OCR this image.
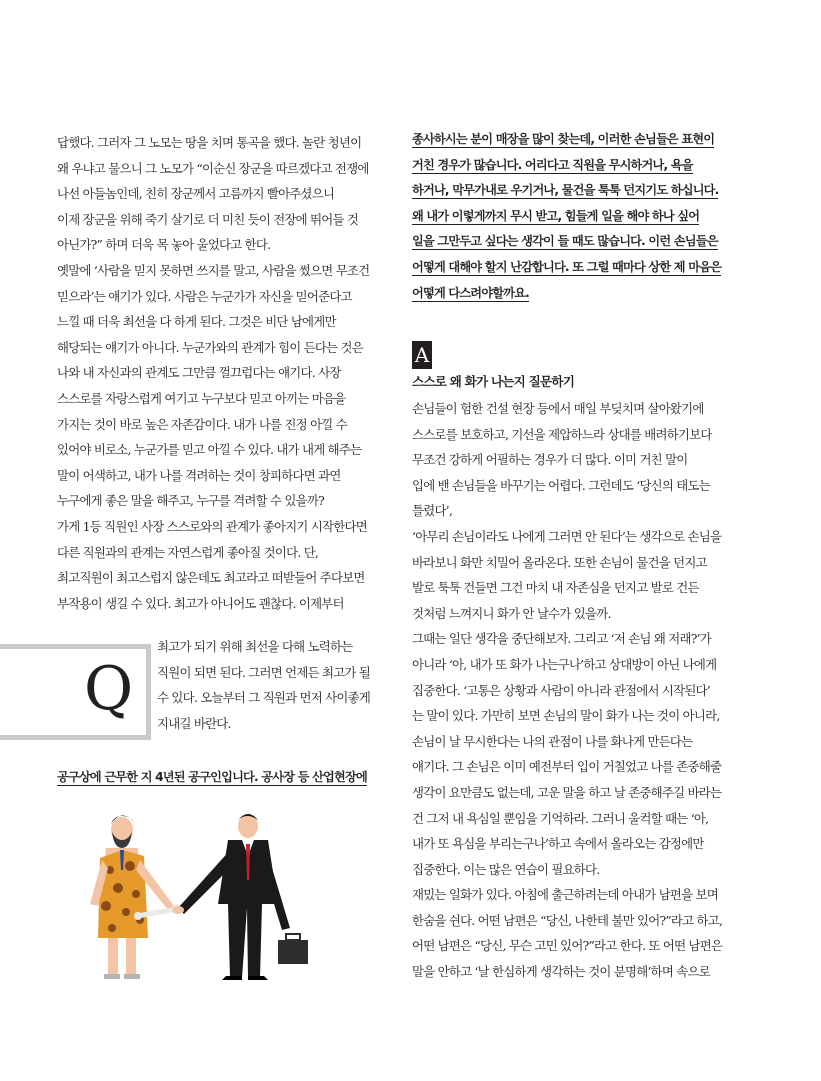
답했다. 그러자 그 노모는 땅을 치며 통곡을 했다. 놀란 청년이
왜 우냐고 물으니 그 노모가 “이순신 장군을 따르겠다고 전쟁에
나선 아들놈인데, 친히 장군께서 고름까지 빨아주셨으니
이제 장군을 위해 죽기 살기로 더 미친 듯이 전장에 뛰어들 것
아닌가?” 하며 더욱 목 놓아 울었다고 한다.
옛말에 ‘사람을 믿지 못하면 쓰지를 말고, 사람을 썼으면 무조건
믿으라’는 얘기가 있다. 사람은 누군가가 자신을 믿어준다고
느낄 때 더욱 최선을 다 하게 된다. 그것은 비단 남에게만
해당되는 얘기가 아니다. 누군가와의 관계가 힘이 든다는 것은
나와 내 자신과의 관계도 그만큼 껄끄럽다는 얘기다. 사장
스스로를 자랑스럽게 여기고 누구보다 믿고 아끼는 마음을
가지는 것이 바로 높은 자존감이다. 내가 나를 진정 아낄 수
있어야 비로소, 누군가를 믿고 아낄 수 있다. 내가 내게 해주는
말이 어색하고, 내가 나를 격려하는 것이 창피하다면 과연
누구에게 좋은 말을 해주고, 누구를 격려할 수 있을까?
가게 1등 직원인 사장 스스로와의 관계가 좋아지기 시작한다면
다른 직원과의 관계는 자연스럽게 좋아질 것이다. 단,
최고직원이 최고스럽지 않은데도 최고라고 떠받들어 주다보면
부작용이 생길 수 있다. 최고가 아니어도 괜찮다. 이제부터
Q
최고가 되기 위해 최선을 다해 노력하는
직원이 되면 된다. 그러면 언제든 최고가 될
수 있다. 오늘부터 그 직원과 먼저 사이좋게
지내길 바란다.
공구상에 근무한 지 4년된 공구인입니다. 공사장 등 산업현장에
종사하시는 분이 매장을 많이 찾는데, 이러한 손님들은 표현이
거친 경우가 많습니다. 어리다고 직원을 무시하거나, 욕을
하거나, 막무가내로 우기거나, 물건을 툭툭 던지기도 하십니다.
왜 내가 이렇게까지 무시 받고, 힘들게 일을 해야 하나 싶어
일을 그만두고 싶다는 생각이 들 때도 많습니다. 이런 손님들은
어떻게 대해야 할지 난감합니다. 또 그럴 때마다 상한 제 마음은
어떻게 다스려야할까요.
A
스스로 왜 화가 나는지 질문하기
손님들이 험한 건설 현장 등에서 매일 부딪치며 살아왔기에
스스로를 보호하고, 기선을 제압하느라 상대를 배려하기보다
무조건 강하게 어필하는 경우가 더 많다. 이미 거친 말이
입에 밴 손님들을 바꾸기는 어렵다. 그런데도 ‘당신의 태도는
틀렸다’,
‘아무리 손님이라도 나에게 그러면 안 된다’는 생각으로 손님을
바라보니 화만 치밀어 올라온다. 또한 손님이 물건을 던지고
발로 툭툭 건들면 그건 마치 내 자존심을 던지고 발로 건든
것처럼 느껴지니 화가 안 날수가 있을까.
그때는 일단 생각을 중단해보자. 그리고 ‘저 손님 왜 저래?’가
아니라 ‘아, 내가 또 화가 나는구나’하고 상대방이 아닌 나에게
집중한다. ‘고통은 상황과 사람이 아니라 관점에서 시작된다’
는 말이 있다. 가만히 보면 손님의 말이 화가 나는 것이 아니라,
손님이 날 무시한다는 나의 관점이 나를 화나게 만든다는
얘기다. 그 손님은 이미 예전부터 입이 거칠었고 나를 존중해줄
생각이 요만큼도 없는데, 고운 말을 하고 날 존중해주길 바라는
건 그저 내 욕심일 뿐임을 기억하라. 그러니 울컥할 때는 ‘아,
내가 또 욕심을 부리는구나’하고 속에서 올라오는 감정에만
집중한다. 이는 많은 연습이 필요하다.
재밌는 일화가 있다. 아침에 출근하려는데 아내가 남편을 보며
한숨을 쉰다. 어떤 남편은 “당신, 나한테 불만 있어?”라고 하고,
어떤 남편은 “당신, 무슨 고민 있어?”라고 한다. 또 어떤 남편은
말을 안하고 ‘날 한심하게 생각하는 것이 분명해’하며 속으로
